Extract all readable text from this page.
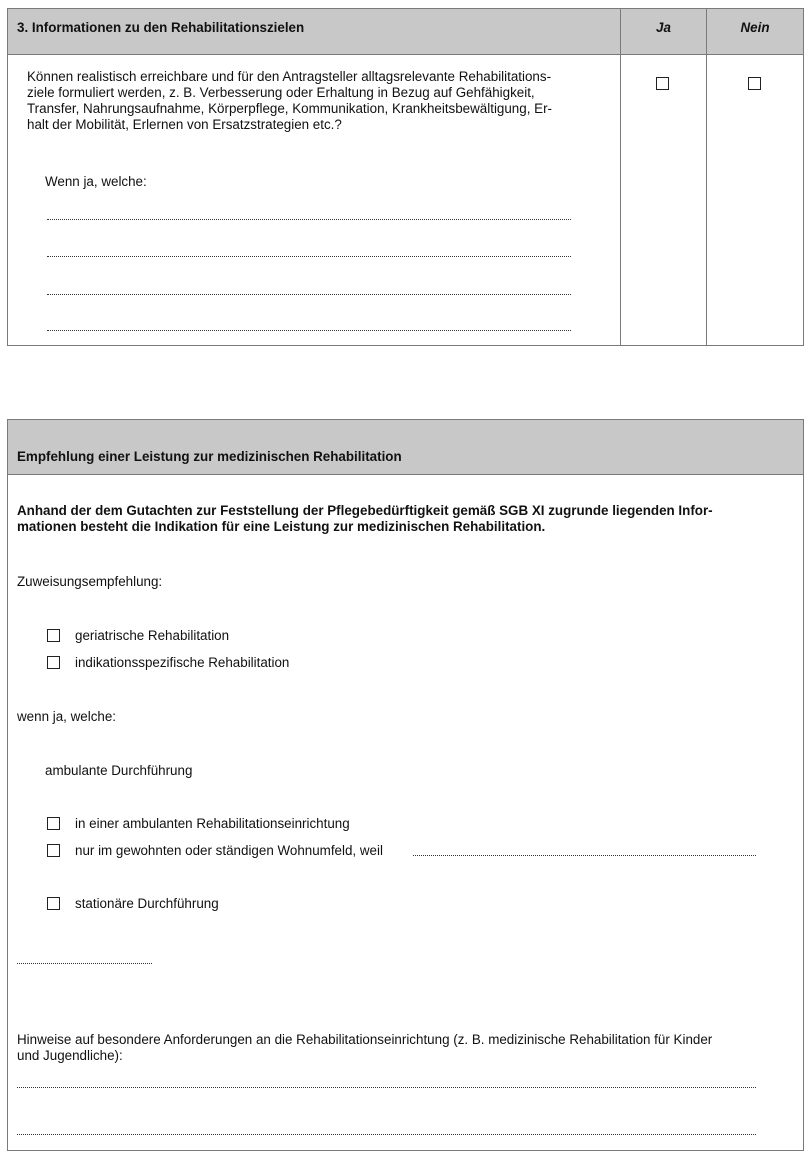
3. Informationen zu den Rehabilitationszielen	Ja	Nein
Können realistisch erreichbare und für den Antragsteller alltagsrelevante Rehabilitations-
ziele formuliert werden, z. B. Verbesserung oder Erhaltung in Bezug auf Gehfähigkeit,
Transfer, Nahrungsaufnahme, Körperpflege, Kommunikation, Krankheitsbewältigung, Er-
halt der Mobilität, Erlernen von Ersatzstrategien etc.?
Wenn ja, welche:
Empfehlung einer Leistung zur medizinischen Rehabilitation
Anhand der dem Gutachten zur Feststellung der Pflegebedürftigkeit gemäß SGB XI zugrunde liegenden Infor-
mationen besteht die Indikation für eine Leistung zur medizinischen Rehabilitation.
Zuweisungsempfehlung:
geriatrische Rehabilitation
indikationsspezifische Rehabilitation
wenn ja, welche:
ambulante Durchführung
in einer ambulanten Rehabilitationseinrichtung
nur im gewohnten oder ständigen Wohnumfeld, weil
stationäre Durchführung
Hinweise auf besondere Anforderungen an die Rehabilitationseinrichtung (z. B. medizinische Rehabilitation für Kinder
und Jugendliche):
